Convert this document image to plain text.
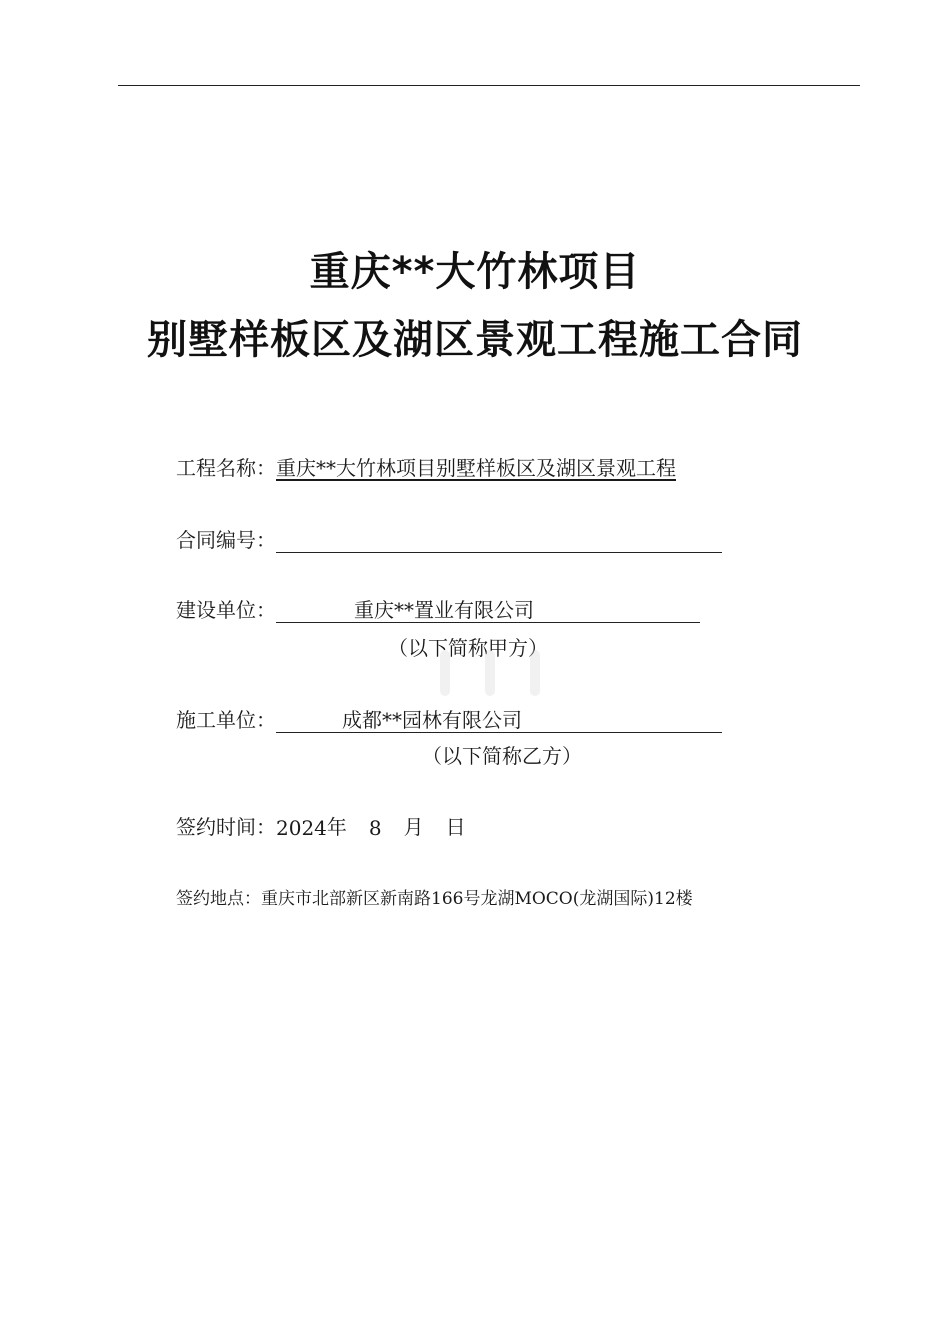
重庆**大竹林项目
别墅样板区及湖区景观工程施工合同
工程名称： 重庆**大竹林项目别墅样板区及湖区景观工程
合同编号：
建设单位：	重庆**置业有限公司
（以下简称甲方）
施工单位：	成都**园林有限公司
（以下简称乙方）
签约时间： 2024 年 8 月 日
签约地点： 重庆市北部新区新南路166号龙湖MOCO(龙湖国际)12楼
